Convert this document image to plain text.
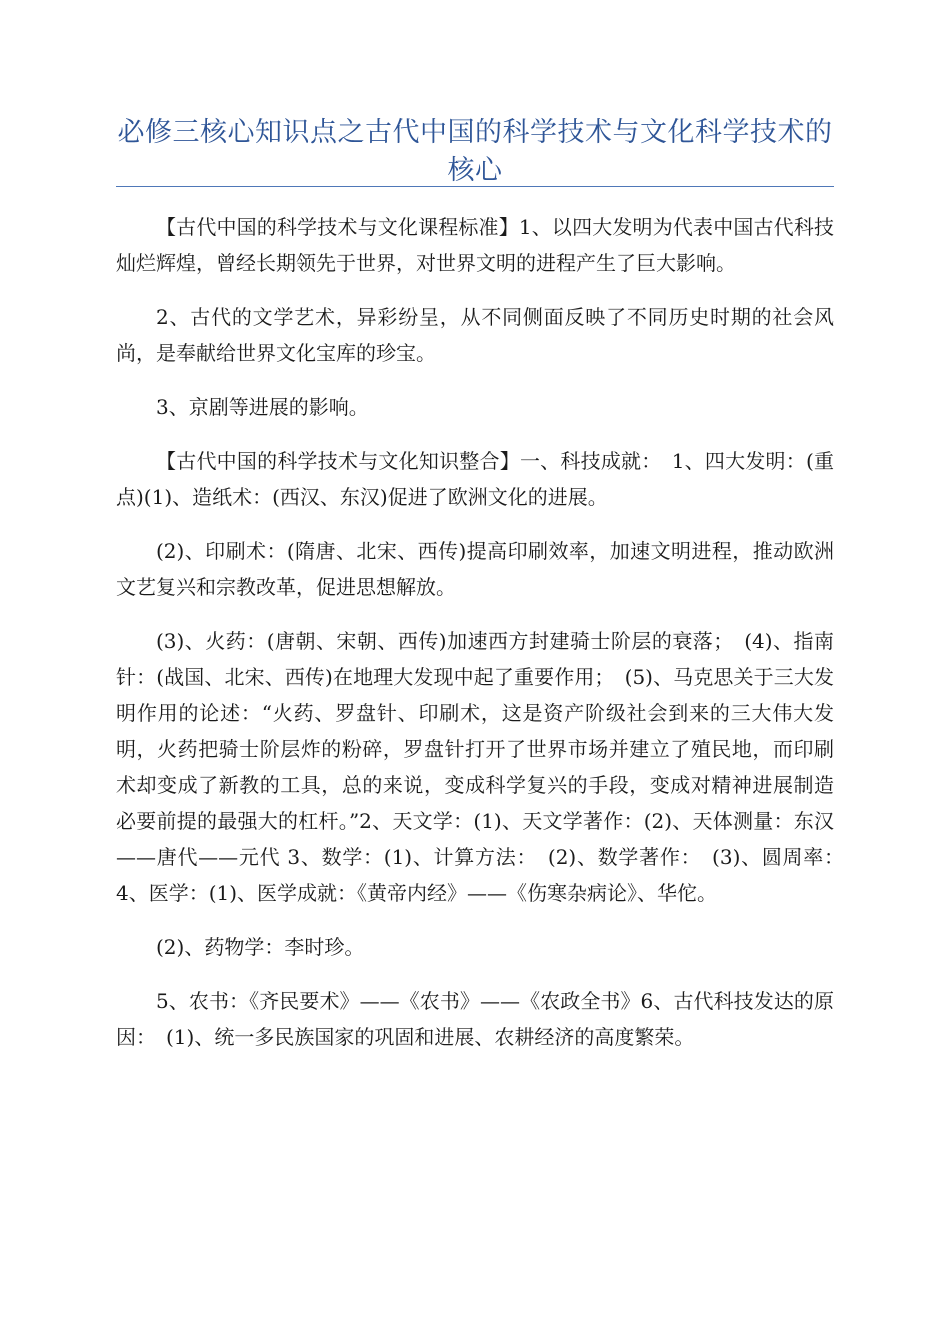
必修三核心知识点之古代中国的科学技术与文化科学技术的核心

【古代中国的科学技术与文化课程标准】1、以四大发明为代表中国古代科技灿烂辉煌，曾经长期领先于世界，对世界文明的进程产生了巨大影响。

2、古代的文学艺术，异彩纷呈，从不同侧面反映了不同历史时期的社会风尚，是奉献给世界文化宝库的珍宝。

3、京剧等进展的影响。

【古代中国的科学技术与文化知识整合】一、科技成就：　1、四大发明：(重点)(1)、造纸术：(西汉、东汉)促进了欧洲文化的进展。

(2)、印刷术：(隋唐、北宋、西传)提高印刷效率，加速文明进程，推动欧洲文艺复兴和宗教改革，促进思想解放。

(3)、火药：(唐朝、宋朝、西传)加速西方封建骑士阶层的衰落；　(4)、指南针：(战国、北宋、西传)在地理大发现中起了重要作用；　(5)、马克思关于三大发明作用的论述：“火药、罗盘针、印刷术，这是资产阶级社会到来的三大伟大发明，火药把骑士阶层炸的粉碎，罗盘针打开了世界市场并建立了殖民地，而印刷术却变成了新教的工具，总的来说，变成科学复兴的手段，变成对精神进展制造必要前提的最强大的杠杆。”2、天文学：(1)、天文学著作：(2)、天体测量：东汉——唐代——元代 3、数学：(1)、计算方法：　(2)、数学著作：　(3)、圆周率：　4、医学：(1)、医学成就：《黄帝内经》——《伤寒杂病论》、华佗。

(2)、药物学：李时珍。

5、农书：《齐民要术》——《农书》——《农政全书》6、古代科技发达的原因：　(1)、统一多民族国家的巩固和进展、农耕经济的高度繁荣。
